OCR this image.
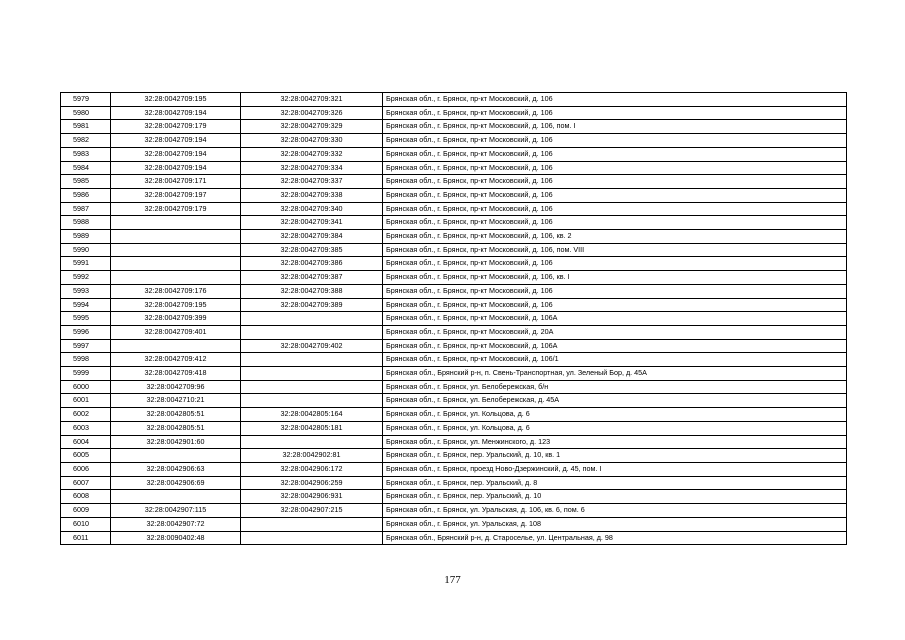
5979	32:28:0042709:195	32:28:0042709:321	Брянская обл., г. Брянск, пр-кт Московский, д. 106
5980	32:28:0042709:194	32:28:0042709:326	Брянская обл., г. Брянск, пр-кт Московский, д. 106
5981	32:28:0042709:179	32:28:0042709:329	Брянская обл., г. Брянск, пр-кт Московский, д. 106, пом. I
5982	32:28:0042709:194	32:28:0042709:330	Брянская обл., г. Брянск, пр-кт Московский, д. 106
5983	32:28:0042709:194	32:28:0042709:332	Брянская обл., г. Брянск, пр-кт Московский, д. 106
5984	32:28:0042709:194	32:28:0042709:334	Брянская обл., г. Брянск, пр-кт Московский, д. 106
5985	32:28:0042709:171	32:28:0042709:337	Брянская обл., г. Брянск, пр-кт Московский, д. 106
5986	32:28:0042709:197	32:28:0042709:338	Брянская обл., г. Брянск, пр-кт Московский, д. 106
5987	32:28:0042709:179	32:28:0042709:340	Брянская обл., г. Брянск, пр-кт Московский, д. 106
5988		32:28:0042709:341	Брянская обл., г. Брянск, пр-кт Московский, д. 106
5989		32:28:0042709:384	Брянская обл., г. Брянск, пр-кт Московский, д. 106, кв. 2
5990		32:28:0042709:385	Брянская обл., г. Брянск, пр-кт Московский, д. 106, пом. VIII
5991		32:28:0042709:386	Брянская обл., г. Брянск, пр-кт Московский, д. 106
5992		32:28:0042709:387	Брянская обл., г. Брянск, пр-кт Московский, д. 106, кв. I
5993	32:28:0042709:176	32:28:0042709:388	Брянская обл., г. Брянск, пр-кт Московский, д. 106
5994	32:28:0042709:195	32:28:0042709:389	Брянская обл., г. Брянск, пр-кт Московский, д. 106
5995	32:28:0042709:399		Брянская обл., г. Брянск, пр-кт Московский, д. 106А
5996	32:28:0042709:401		Брянская обл., г. Брянск, пр-кт Московский, д. 20А
5997		32:28:0042709:402	Брянская обл., г. Брянск, пр-кт Московский, д. 106А
5998	32:28:0042709:412		Брянская обл., г. Брянск, пр-кт Московский, д. 106/1
5999	32:28:0042709:418		Брянская обл., Брянский р-н, п. Свень-Транспортная, ул. Зеленый Бор, д. 45А
6000	32:28:0042709:96		Брянская обл., г. Брянск, ул. Белобережская, б/н
6001	32:28:0042710:21		Брянская обл., г. Брянск, ул. Белобережская, д. 45А
6002	32:28:0042805:51	32:28:0042805:164	Брянская обл., г. Брянск, ул. Кольцова, д. 6
6003	32:28:0042805:51	32:28:0042805:181	Брянская обл., г. Брянск, ул. Кольцова, д. 6
6004	32:28:0042901:60		Брянская обл., г. Брянск, ул. Менжинского, д. 123
6005		32:28:0042902:81	Брянская обл., г. Брянск, пер. Уральский, д. 10, кв. 1
6006	32:28:0042906:63	32:28:0042906:172	Брянская обл., г. Брянск, проезд Ново-Дзержинский, д. 45, пом. I
6007	32:28:0042906:69	32:28:0042906:259	Брянская обл., г. Брянск, пер. Уральский, д. 8
6008		32:28:0042906:931	Брянская обл., г. Брянск, пер. Уральский, д. 10
6009	32:28:0042907:115	32:28:0042907:215	Брянская обл., г. Брянск, ул. Уральская, д. 106, кв. 6, пом. 6
6010	32:28:0042907:72		Брянская обл., г. Брянск, ул. Уральская, д. 108
6011	32:28:0090402:48		Брянская обл., Брянский р-н, д. Староселье, ул. Центральная, д. 98
177
